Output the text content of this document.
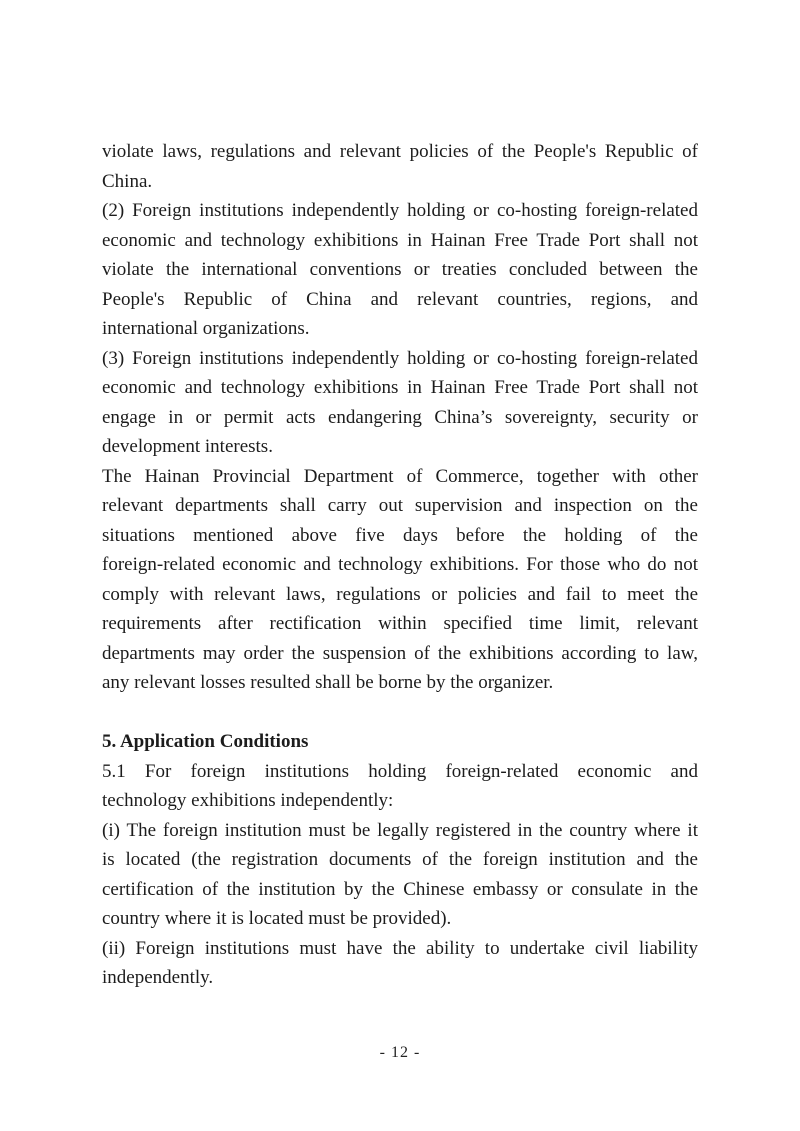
violate laws, regulations and relevant policies of the People's Republic of
China.
(2) Foreign institutions independently holding or co-hosting foreign-related
economic and technology exhibitions in Hainan Free Trade Port shall not
violate the international conventions or treaties concluded between the
People's Republic of China and relevant countries, regions, and
international organizations.
(3) Foreign institutions independently holding or co-hosting foreign-related
economic and technology exhibitions in Hainan Free Trade Port shall not
engage in or permit acts endangering China’s sovereignty, security or
development interests.
The Hainan Provincial Department of Commerce, together with other
relevant departments shall carry out supervision and inspection on the
situations mentioned above five days before the holding of the
foreign-related economic and technology exhibitions. For those who do not
comply with relevant laws, regulations or policies and fail to meet the
requirements after rectification within specified time limit, relevant
departments may order the suspension of the exhibitions according to law,
any relevant losses resulted shall be borne by the organizer.
5. Application Conditions
5.1 For foreign institutions holding foreign-related economic and
technology exhibitions independently:
(i) The foreign institution must be legally registered in the country where it
is located (the registration documents of the foreign institution and the
certification of the institution by the Chinese embassy or consulate in the
country where it is located must be provided).
(ii) Foreign institutions must have the ability to undertake civil liability
independently.
- 12 -
